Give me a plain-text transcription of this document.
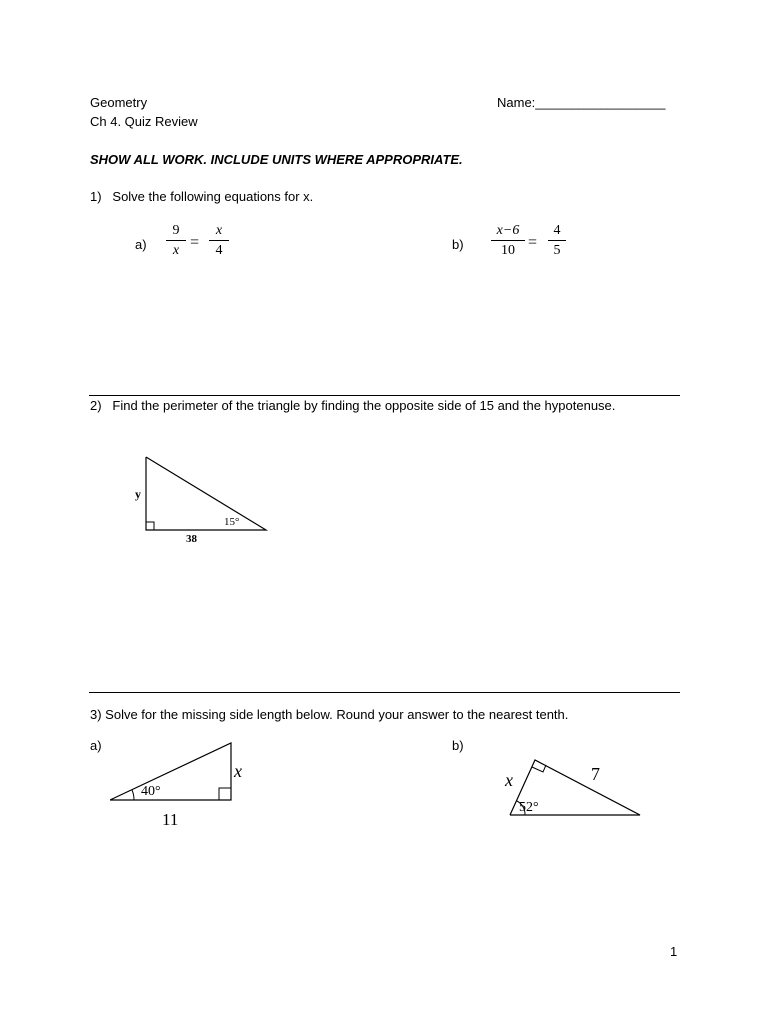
Geometry
Ch 4. Quiz Review
Name:__________________
SHOW ALL WORK. INCLUDE UNITS WHERE APPROPRIATE.
1)   Solve the following equations for x.
a)
9
x =
x
4	b)
x−6
10 =
4
5
2)   Find the perimeter of the triangle by finding the opposite side of 15 and the hypotenuse.
y
38
15°
3) Solve for the missing side length below. Round your answer to the nearest tenth.
a)
40°
x
11
b)
x	7
52°
1
